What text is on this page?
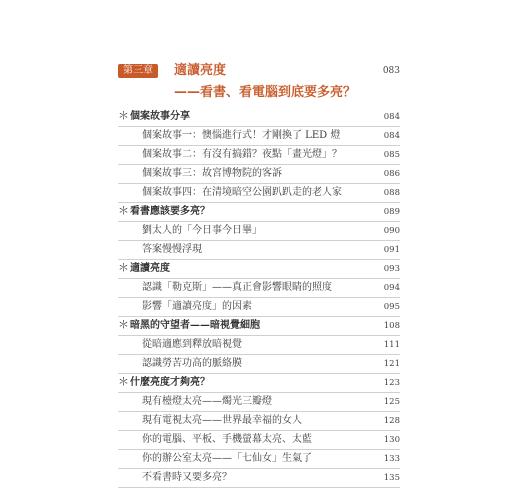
第三章	適讀亮度	083
——看書、看電腦到底要多亮？
＊ 個案故事分享	084
個案故事一：懊惱進行式！才剛換了 LED 燈	084
個案故事二：有沒有搞錯？夜點「畫光燈」？	085
個案故事三：故宮博物院的客訴	086
個案故事四：在清境暗空公園趴趴走的老人家	088
＊ 看書應該要多亮？	089
劉太人的「今日事今日畢」	090
答案慢慢浮現	091
＊ 適讀亮度	093
認識「勒克斯」——真正會影響眼睛的照度	094
影響「適讀亮度」的因素	095
＊ 暗黑的守望者——暗視覺細胞	108
從暗適應到釋放暗視覺	111
認識勞苦功高的脈絡膜	121
＊ 什麼亮度才夠亮？	123
現有檯燈太亮——燭光三瓣燈	125
現有電視太亮——世界最幸福的女人	128
你的電腦、平板、手機螢幕太亮、太藍	130
你的辦公室太亮——「七仙女」生氣了	133
不看書時又要多亮？	135
